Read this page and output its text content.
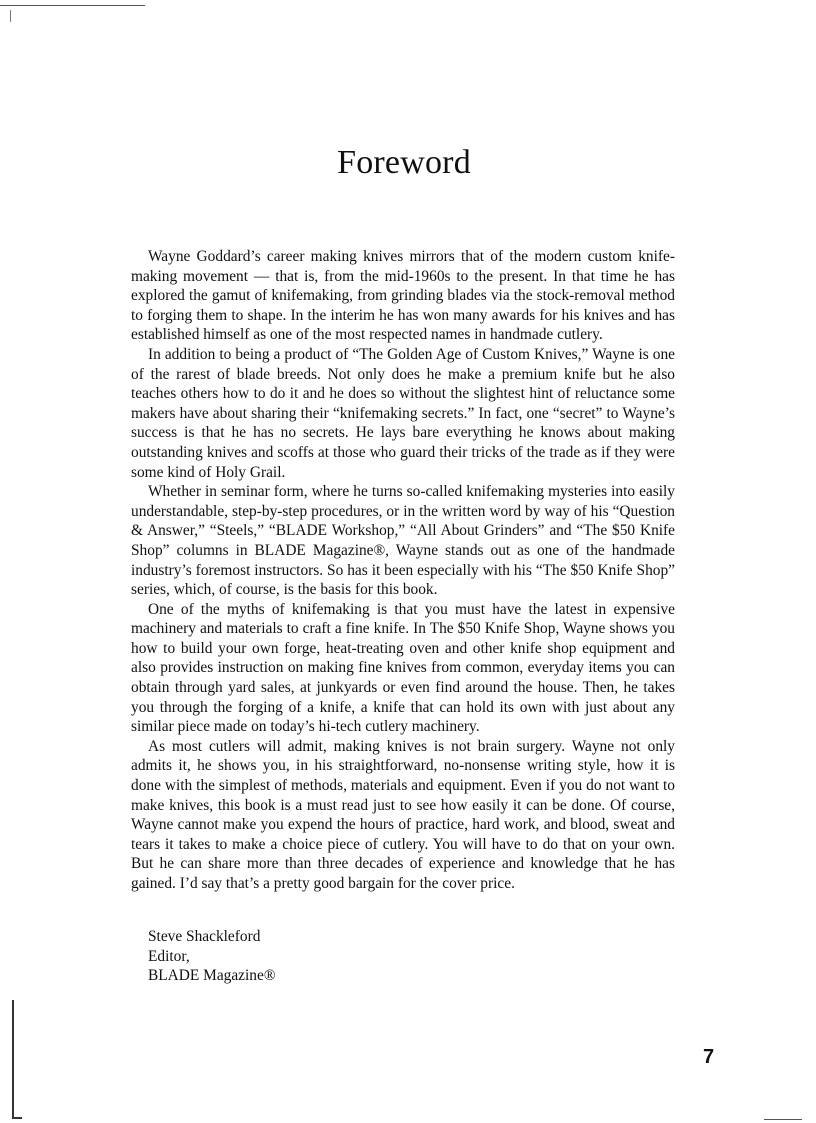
Foreword

Wayne Goddard’s career making knives mirrors that of the modern custom knife-making movement — that is, from the mid-1960s to the present. In that time he has explored the gamut of knifemaking, from grinding blades via the stock-removal method to forging them to shape. In the interim he has won many awards for his knives and has established himself as one of the most respected names in handmade cutlery.

In addition to being a product of “The Golden Age of Custom Knives,” Wayne is one of the rarest of blade breeds. Not only does he make a premium knife but he also teaches others how to do it and he does so without the slightest hint of reluctance some makers have about sharing their “knifemaking secrets.” In fact, one “secret” to Wayne’s success is that he has no secrets. He lays bare everything he knows about making outstanding knives and scoffs at those who guard their tricks of the trade as if they were some kind of Holy Grail.

Whether in seminar form, where he turns so-called knifemaking mysteries into easily understandable, step-by-step procedures, or in the written word by way of his “Question & Answer,” “Steels,” “BLADE Workshop,” “All About Grinders” and “The $50 Knife Shop” columns in BLADE Magazine®, Wayne stands out as one of the handmade industry’s foremost instructors. So has it been especially with his “The $50 Knife Shop” series, which, of course, is the basis for this book.

One of the myths of knifemaking is that you must have the latest in expensive machinery and materials to craft a fine knife. In The $50 Knife Shop, Wayne shows you how to build your own forge, heat-treating oven and other knife shop equipment and also provides instruction on making fine knives from common, everyday items you can obtain through yard sales, at junkyards or even find around the house. Then, he takes you through the forging of a knife, a knife that can hold its own with just about any similar piece made on today’s hi-tech cutlery machinery.

As most cutlers will admit, making knives is not brain surgery. Wayne not only admits it, he shows you, in his straightforward, no-nonsense writing style, how it is done with the simplest of methods, materials and equipment. Even if you do not want to make knives, this book is a must read just to see how easily it can be done. Of course, Wayne cannot make you expend the hours of practice, hard work, and blood, sweat and tears it takes to make a choice piece of cutlery. You will have to do that on your own. But he can share more than three decades of experience and knowledge that he has gained. I’d say that’s a pretty good bargain for the cover price.

Steve Shackleford
Editor,
BLADE Magazine®
7
